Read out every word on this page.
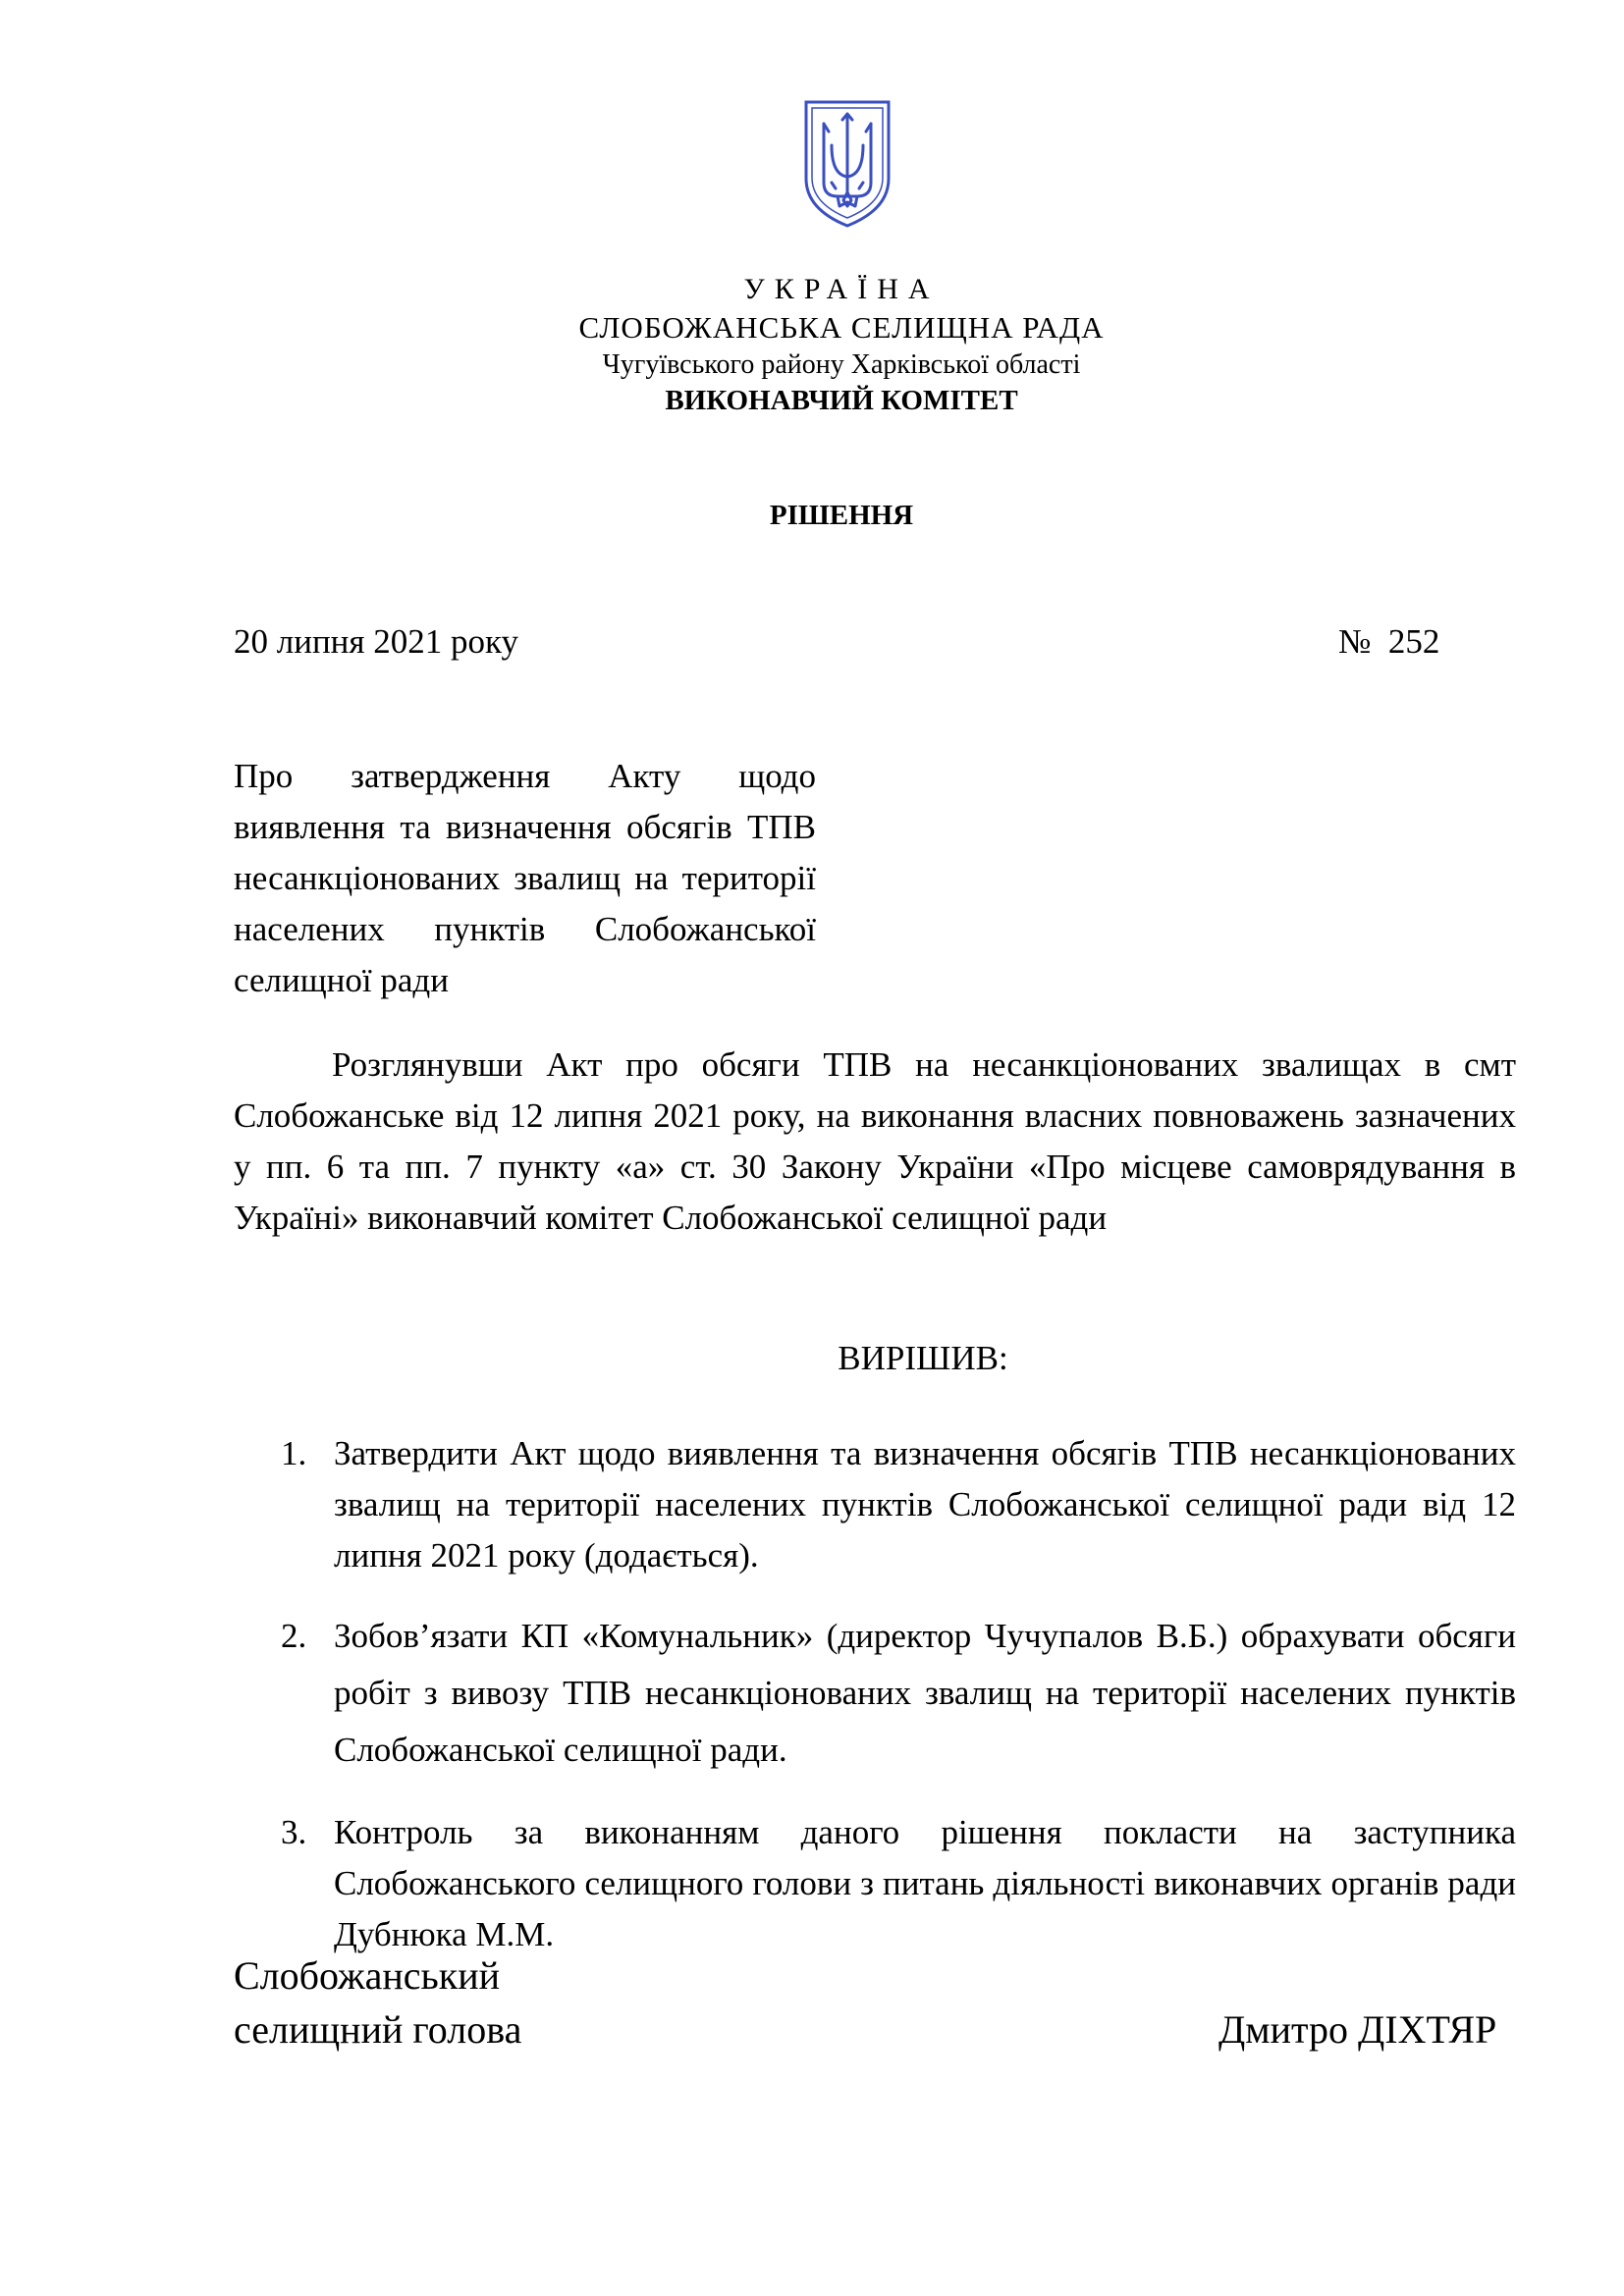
УКРАЇНА
СЛОБОЖАНСЬКА СЕЛИЩНА РАДА
Чугуївського району Харківської області
ВИКОНАВЧИЙ КОМІТЕТ
РІШЕННЯ
20 липня 2021 року	№  252
Про затвердження Акту щодо виявлення та визначення обсягів ТПВ несанкціонованих звалищ на території населених пунктів Слобожанської селищної ради
Розглянувши Акт про обсяги ТПВ на несанкціонованих звалищах в смт Слобожанське від 12 липня 2021 року, на виконання власних повноважень зазначених у пп. 6 та пп. 7 пункту «а» ст. 30 Закону України «Про місцеве самоврядування в Україні» виконавчий комітет Слобожанської селищної ради
ВИРІШИВ:
1. Затвердити Акт щодо виявлення та визначення обсягів ТПВ несанкціонованих звалищ на території населених пунктів Слобожанської селищної ради від 12 липня 2021 року (додається).
2. Зобов’язати КП «Комунальник» (директор Чучупалов В.Б.) обрахувати обсяги робіт з вивозу ТПВ несанкціонованих звалищ на території населених пунктів Слобожанської селищної ради.
3. Контроль за виконанням даного рішення покласти на заступника Слобожанського селищного голови з питань діяльності виконавчих органів ради Дубнюка М.М.
Слобожанський
селищний голова	Дмитро ДІХТЯР
